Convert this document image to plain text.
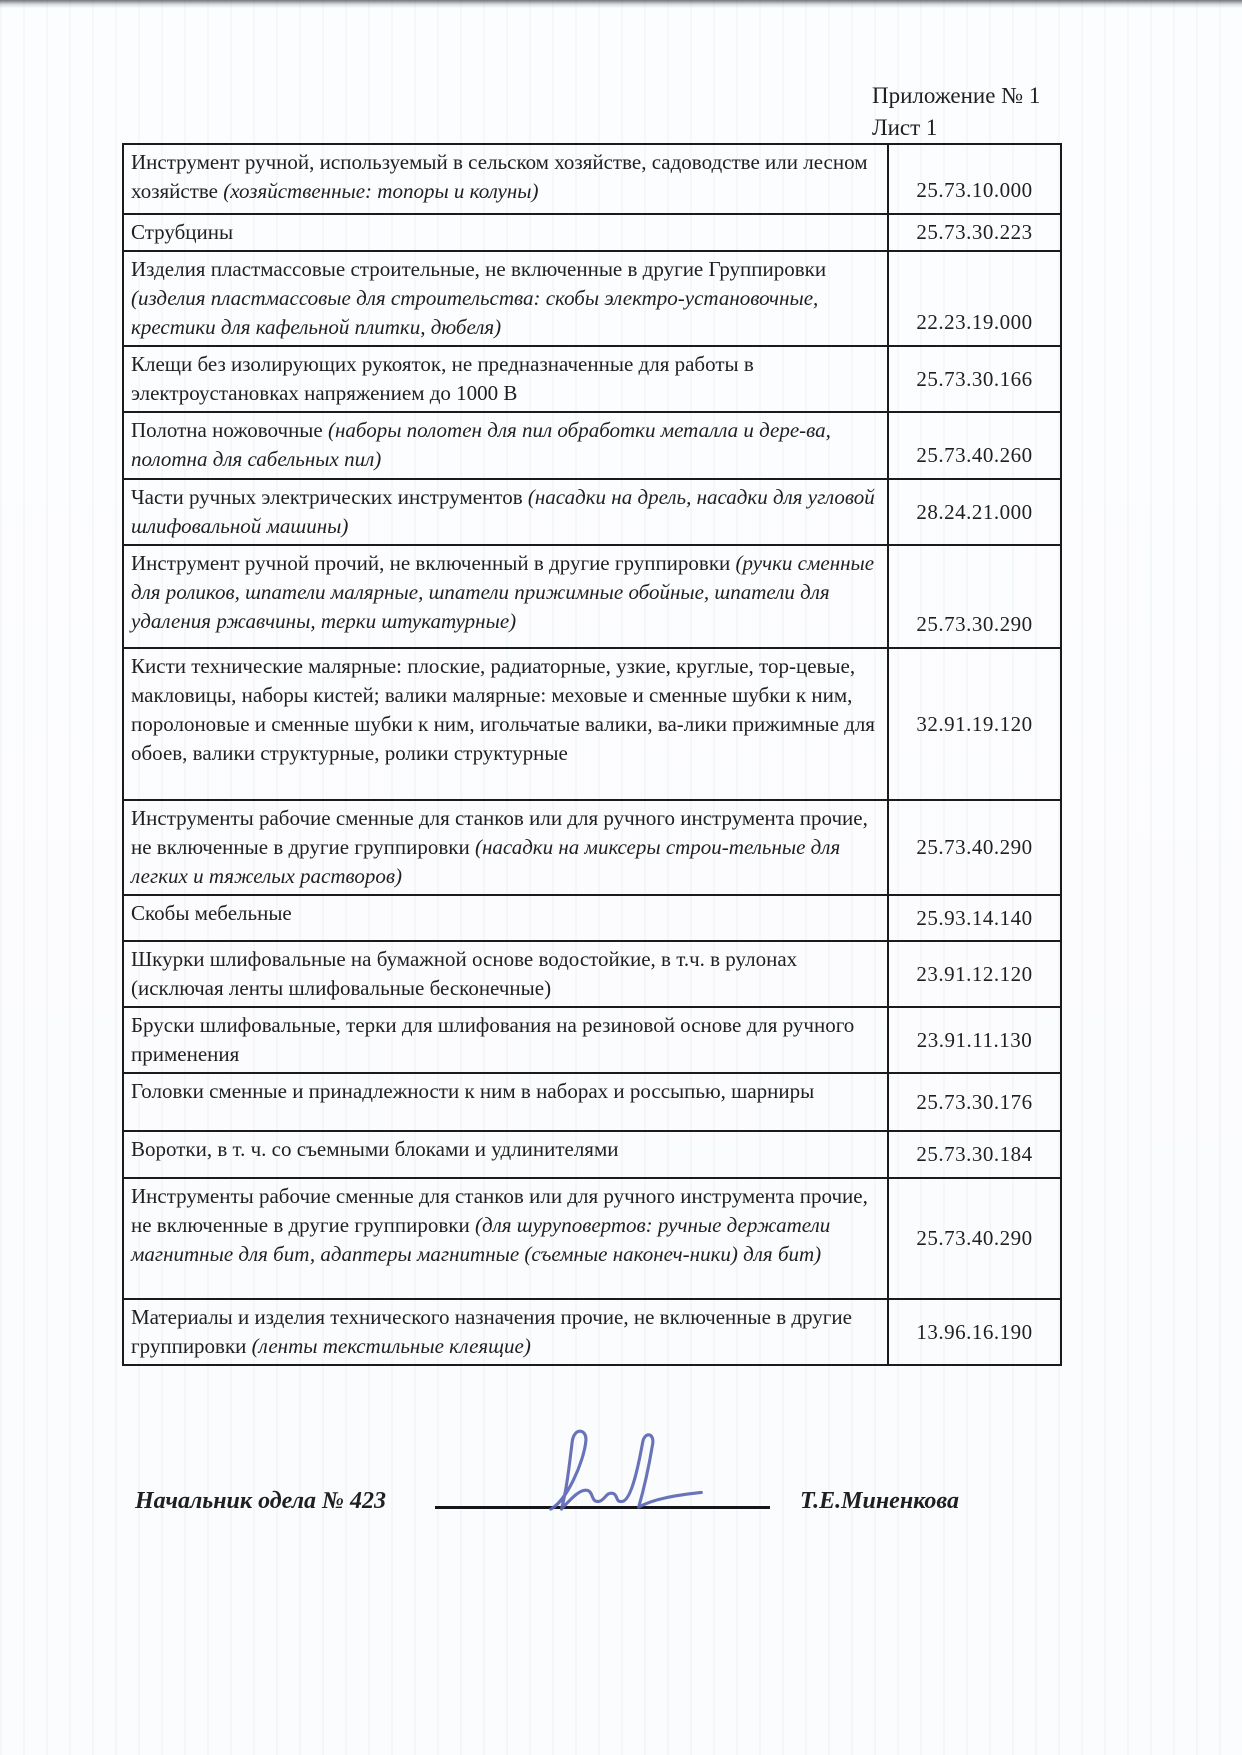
Приложение № 1
Лист 1
Инструмент ручной, используемый в сельском хозяйстве, садоводстве или лесном хозяйстве (хозяйственные: топоры и колуны)	25.73.10.000
Струбцины	25.73.30.223
Изделия пластмассовые строительные, не включенные в другие Группировки (изделия пластмассовые для строительства: скобы электро-установочные, крестики для кафельной плитки, дюбеля)	22.23.19.000
Клещи без изолирующих рукояток, не предназначенные для работы в электроустановках напряжением до 1000 В	25.73.30.166
Полотна ножовочные (наборы полотен для пил обработки металла и дере-ва, полотна для сабельных пил)	25.73.40.260
Части ручных электрических инструментов (насадки на дрель, насадки для угловой шлифовальной машины)	28.24.21.000
Инструмент ручной прочий, не включенный в другие группировки (ручки сменные для роликов, шпатели малярные, шпатели прижимные обойные, шпатели для удаления ржавчины, терки штукатурные)	25.73.30.290
Кисти технические малярные: плоские, радиаторные, узкие, круглые, тор-цевые, макловицы, наборы кистей; валики малярные: меховые и сменные шубки к ним, поролоновые и сменные шубки к ним, игольчатые валики, ва-лики прижимные для обоев, валики структурные, ролики структурные	32.91.19.120
Инструменты рабочие сменные для станков или для ручного инструмента прочие, не включенные в другие группировки (насадки на миксеры строи-тельные для легких и тяжелых растворов)	25.73.40.290
Скобы мебельные	25.93.14.140
Шкурки шлифовальные на бумажной основе водостойкие, в т.ч. в рулонах (исключая ленты шлифовальные бесконечные)	23.91.12.120
Бруски шлифовальные, терки для шлифования на резиновой основе для ручного применения	23.91.11.130
Головки сменные и принадлежности к ним в наборах и россыпью, шарниры	25.73.30.176
Воротки, в т. ч. со съемными блоками и удлинителями	25.73.30.184
Инструменты рабочие сменные для станков или для ручного инструмента прочие, не включенные в другие группировки (для шуруповертов: ручные держатели магнитные для бит, адаптеры магнитные (съемные наконеч-ники) для бит)	25.73.40.290
Материалы и изделия технического назначения прочие, не включенные в другие группировки (ленты текстильные клеящие)	13.96.16.190
Начальник одела № 423	Т.Е.Миненкова
